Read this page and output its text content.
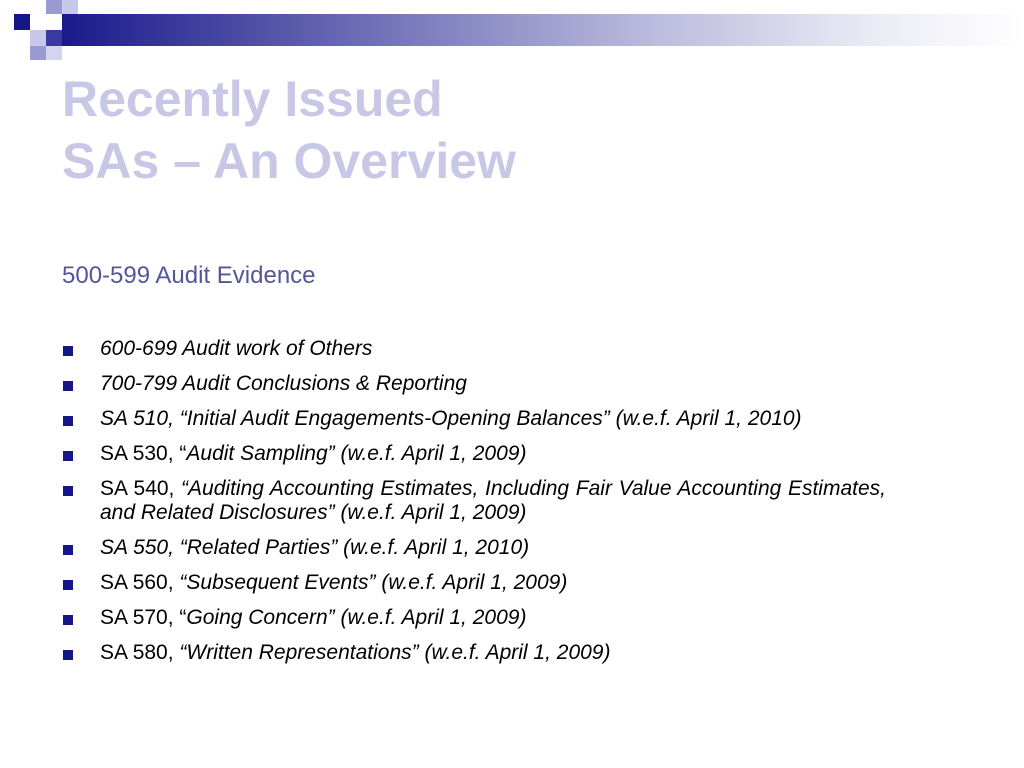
Recently Issued
SAs – An Overview
500-599 Audit Evidence
600-699 Audit work of Others
700-799 Audit Conclusions & Reporting
SA 510, “Initial Audit Engagements-Opening Balances” (w.e.f. April 1, 2010)
SA 530, “Audit Sampling” (w.e.f. April 1, 2009)
SA 540, “Auditing Accounting Estimates, Including Fair Value Accounting Estimates,and Related Disclosures” (w.e.f. April 1, 2009)
SA 550, “Related Parties” (w.e.f. April 1, 2010)
SA 560, “Subsequent Events” (w.e.f. April 1, 2009)
SA 570, “Going Concern” (w.e.f. April 1, 2009)
SA 580, “Written Representations” (w.e.f. April 1, 2009)
